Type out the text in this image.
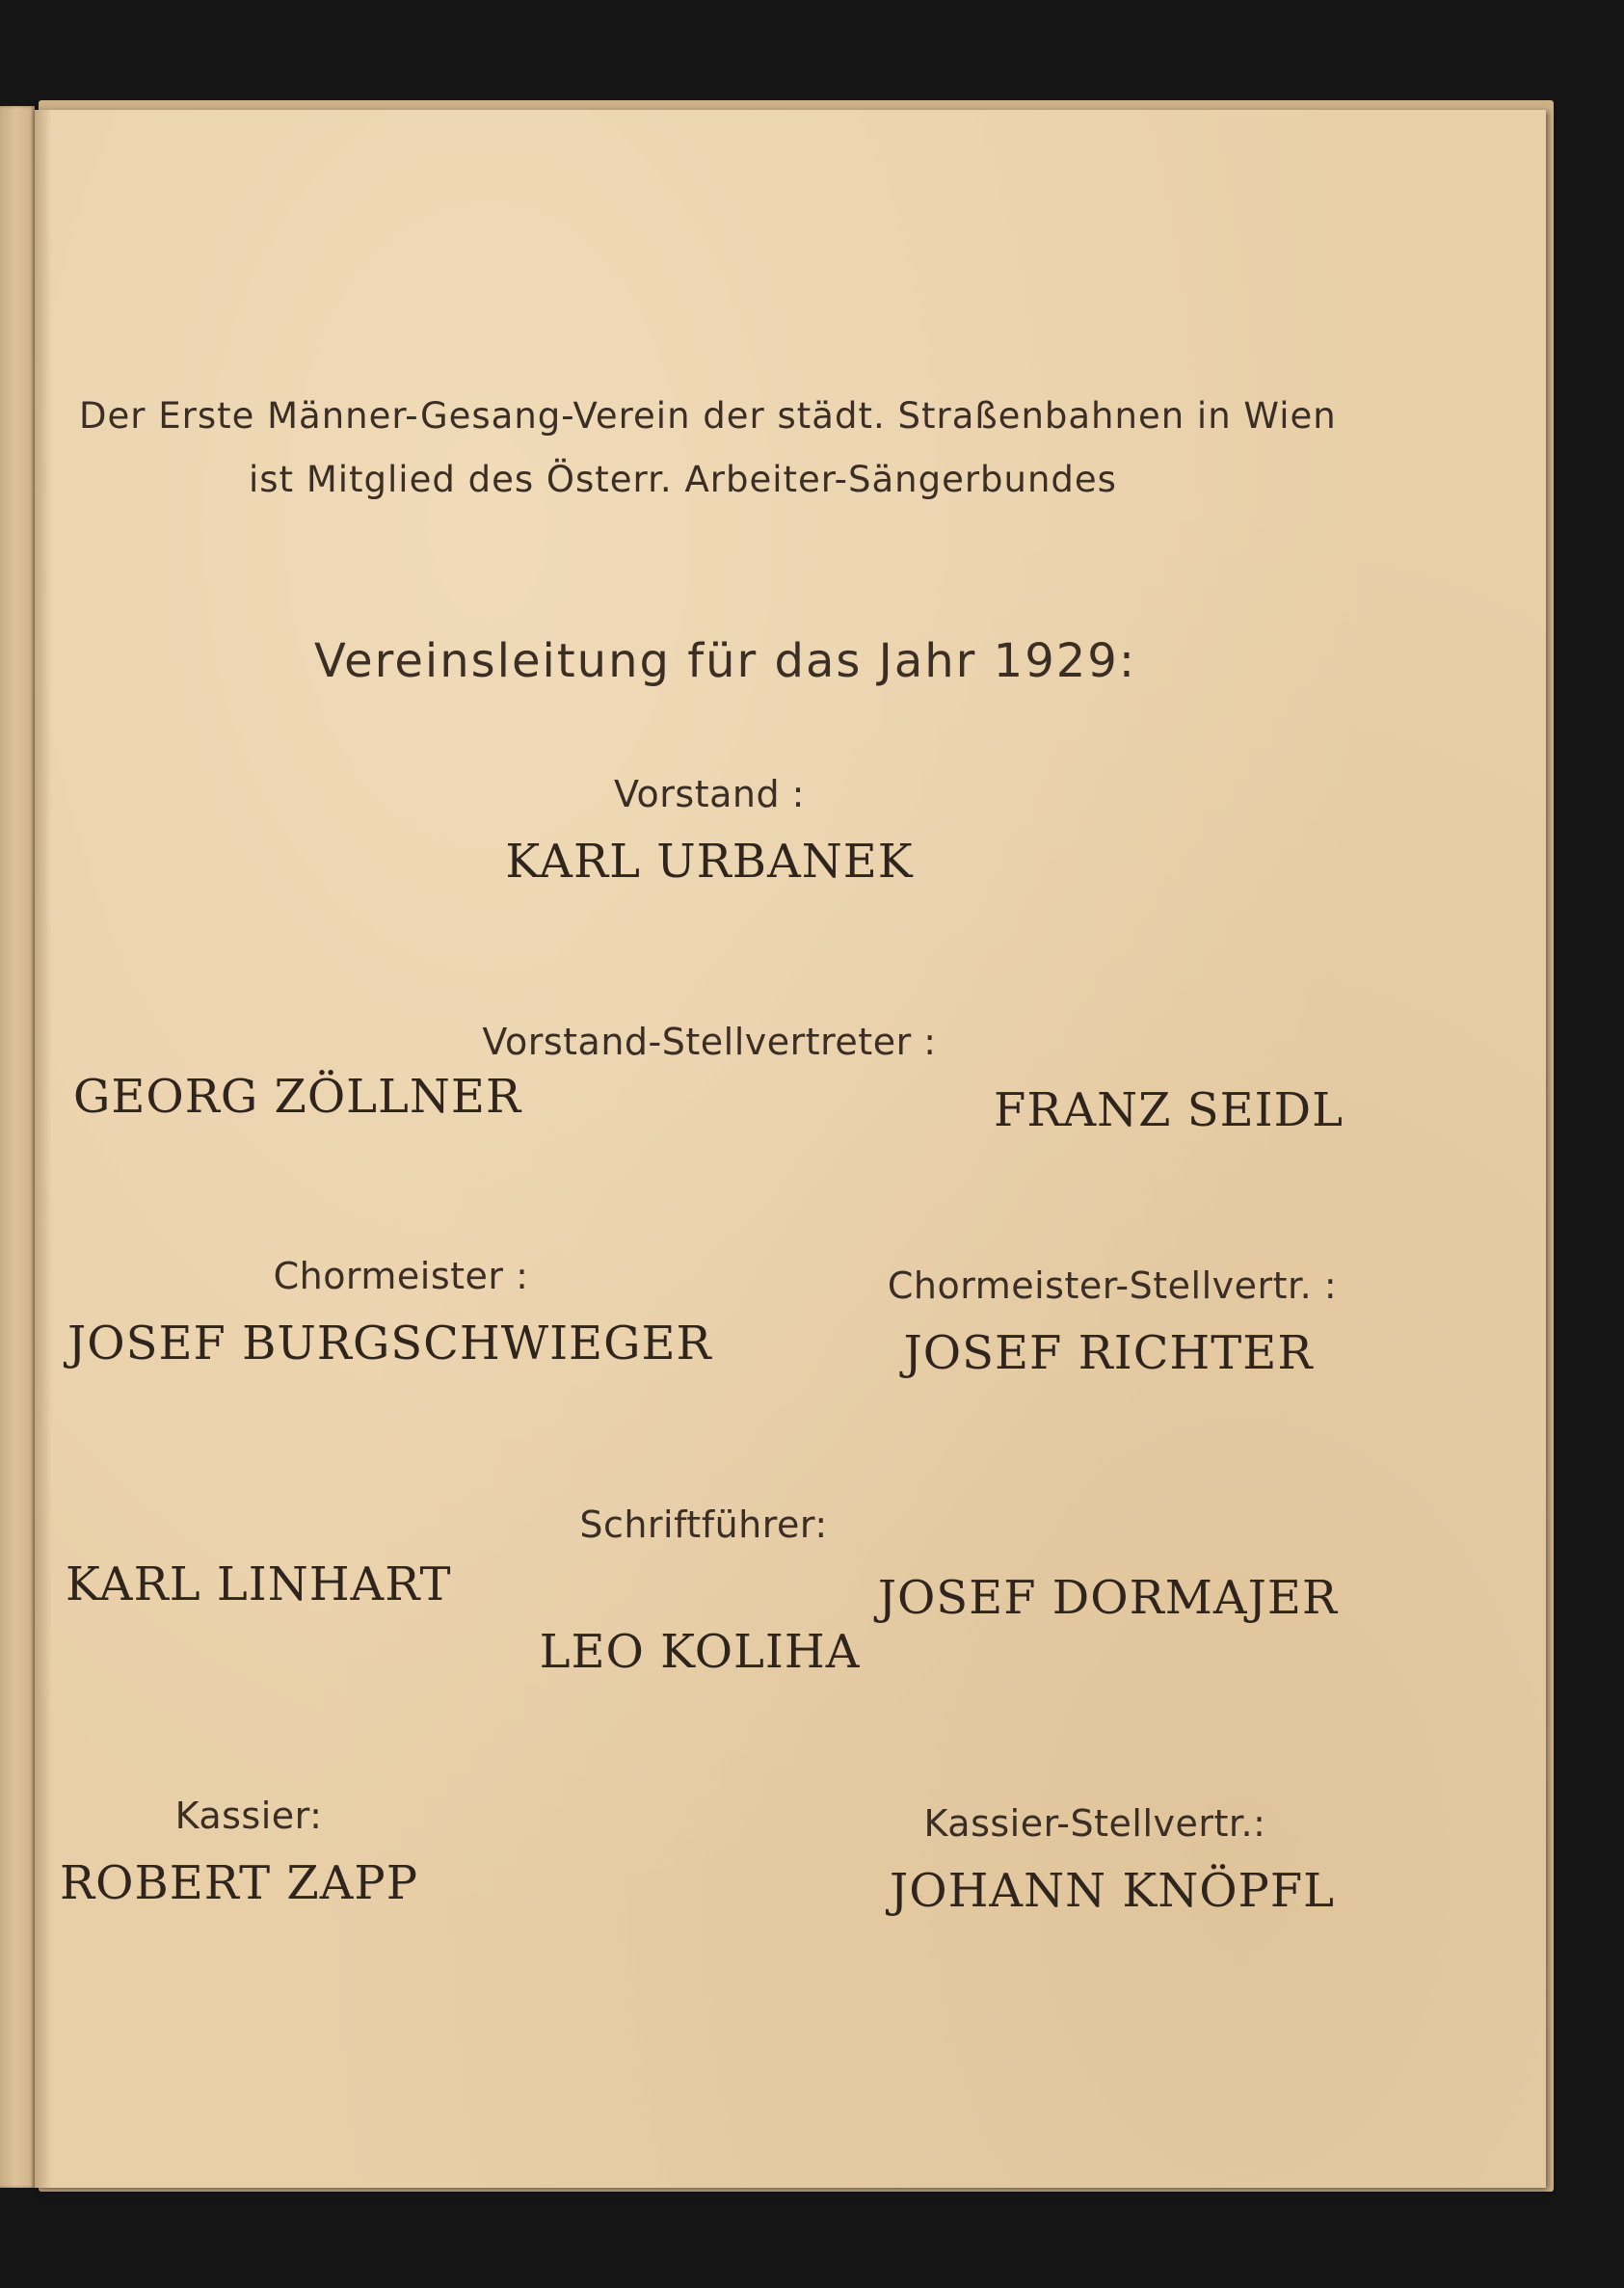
Der Erste Männer-Gesang-Verein der städt. Straßenbahnen in Wien
ist Mitglied des Österr. Arbeiter-Sängerbundes
Vereinsleitung für das Jahr 1929:
Vorstand :
KARL URBANEK
Vorstand-Stellvertreter :
GEORG ZÖLLNER	FRANZ SEIDL
Chormeister :
JOSEF BURGSCHWIEGER
Chormeister-Stellvertr. :
JOSEF RICHTER
Schriftführer:
KARL LINHART	JOSEF DORMAJER
LEO KOLIHA
Kassier:
ROBERT ZAPP
Kassier-Stellvertr.:
JOHANN KNÖPFL
